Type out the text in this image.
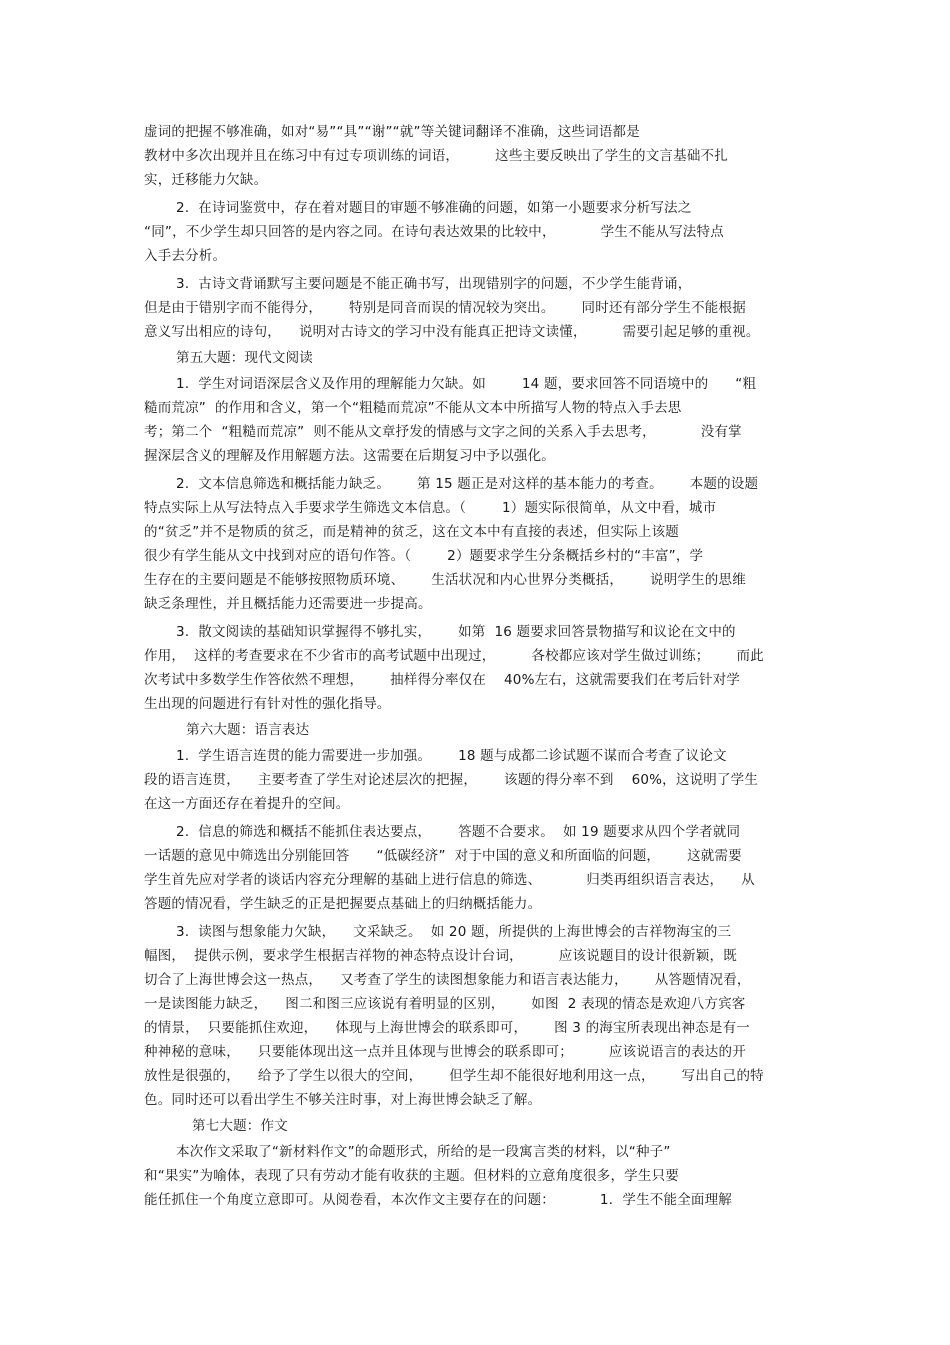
虚词的把握不够准确，如对“易”“具”“谢”“就”等关键词翻译不准确，这些词语都是
教材中多次出现并且在练习中有过专项训练的词语，        这些主要反映出了学生的文言基础不扎
实，迁移能力欠缺。
2.  在诗词鉴赏中，存在着对题目的审题不够准确的问题，如第一小题要求分析写法之
“同”，不少学生却只回答的是内容之同。在诗句表达效果的比较中，          学生不能从写法特点
入手去分析。
3.  古诗文背诵默写主要问题是不能正确书写，出现错别字的问题，不少学生能背诵，
但是由于错别字而不能得分，      特别是同音而误的情况较为突出。      同时还有部分学生不能根据
意义写出相应的诗句，    说明对古诗文的学习中没有能真正把诗文读懂，        需要引起足够的重视。
第五大题：现代文阅读
1.  学生对词语深层含义及作用的理解能力欠缺。如        14 题，要求回答不同语境中的      “粗
糙而荒凉”  的作用和含义，第一个“粗糙而荒凉”不能从文本中所描写人物的特点入手去思
考；第二个  “粗糙而荒凉”  则不能从文章抒发的情感与文字之间的关系入手去思考，          没有掌
握深层含义的理解及作用解题方法。这需要在后期复习中予以强化。
2.  文本信息筛选和概括能力缺乏。      第 15 题正是对这样的基本能力的考查。      本题的设题
特点实际上从写法特点入手要求学生筛选文本信息。（        1）题实际很简单，从文中看，城市
的“贫乏”并不是物质的贫乏，而是精神的贫乏，这在文本中有直接的表述，但实际上该题
很少有学生能从文中找到对应的语句作答。（        2）题要求学生分条概括乡村的“丰富”，学
生存在的主要问题是不能够按照物质环境、      生活状况和内心世界分类概括，      说明学生的思维
缺乏条理性，并且概括能力还需要进一步提高。
3.  散文阅读的基础知识掌握得不够扎实，      如第  16 题要求回答景物描写和议论在文中的
作用，  这样的考查要求在不少省市的高考试题中出现过，        各校都应该对学生做过训练；      而此
次考试中多数学生作答依然不理想，      抽样得分率仅在    40%左右，这就需要我们在考后针对学
生出现的问题进行有针对性的强化指导。
第六大题：语言表达
1.  学生语言连贯的能力需要进一步加强。      18 题与成都二诊试题不谋而合考查了议论文
段的语言连贯，    主要考查了学生对论述层次的把握，      该题的得分率不到    60%，这说明了学生
在这一方面还存在着提升的空间。
2.  信息的筛选和概括不能抓住表达要点，      答题不合要求。  如 19 题要求从四个学者就同
一话题的意见中筛选出分别能回答      “低碳经济”  对于中国的意义和所面临的问题，      这就需要
学生首先应对学者的谈话内容充分理解的基础上进行信息的筛选、          归类再组织语言表达，    从
答题的情况看，学生缺乏的正是把握要点基础上的归纳概括能力。
3.  读图与想象能力欠缺，    文采缺乏。  如 20 题，所提供的上海世博会的吉祥物海宝的三
幅图，  提供示例，要求学生根据吉祥物的神态特点设计台词，        应该说题目的设计很新颖，既
切合了上海世博会这一热点，    又考查了学生的读图想象能力和语言表达能力，      从答题情况看，
一是读图能力缺乏，    图二和图三应该说有着明显的区别，      如图  2 表现的情态是欢迎八方宾客
的情景，  只要能抓住欢迎，    体现与上海世博会的联系即可，      图 3 的海宝所表现出神态是有一
种神秘的意味，    只要能体现出这一点并且体现与世博会的联系即可；        应该说语言的表达的开
放性是很强的，    给予了学生以很大的空间，      但学生却不能很好地利用这一点，      写出自己的特
色。同时还可以看出学生不够关注时事，对上海世博会缺乏了解。
第七大题：作文
本次作文采取了“新材料作文”的命题形式，所给的是一段寓言类的材料，以“种子”
和“果实”为喻体，表现了只有劳动才能有收获的主题。但材料的立意角度很多，学生只要
能任抓住一个角度立意即可。从阅卷看，本次作文主要存在的问题：          1．学生不能全面理解
